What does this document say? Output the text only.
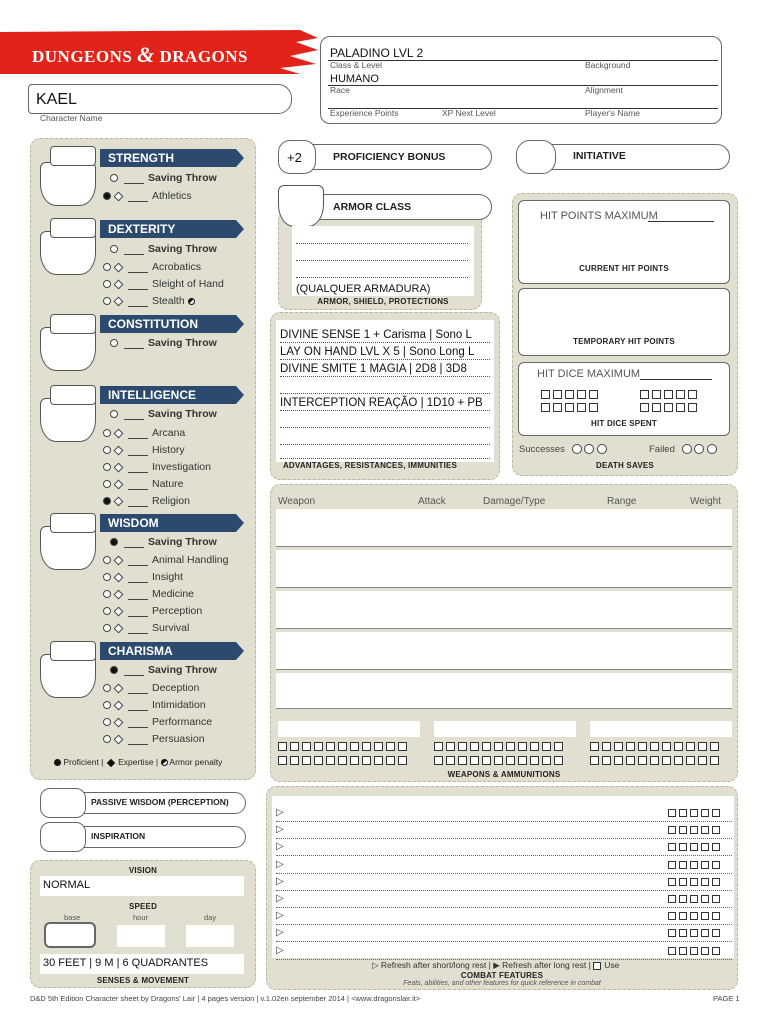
DUNGEONS & DRAGONS	PALADINO LVL 2
Class & Level	Background
HUMANO
Race	Alignment
Experience Points	XP Next Level	Player's Name
KAEL
Character Name
STRENGTH
Saving Throw
Athletics
DEXTERITY
Saving Throw
Acrobatics
Sleight of Hand
Stealth
CONSTITUTION
Saving Throw
INTELLIGENCE
Saving Throw
Arcana
History
Investigation
Nature
Religion
WISDOM
Saving Throw
Animal Handling
Insight
Medicine
Perception
Survival
CHARISMA
Saving Throw
Deception
Intimidation
Performance
Persuasion
Proficient |  Expertise |  Armor penalty
+2	PROFICIENCY BONUS	INITIATIVE
ARMOR CLASS
(QUALQUER ARMADURA)
ARMOR, SHIELD, PROTECTIONS
DIVINE SENSE 1 + Carisma | Sono L
LAY ON HAND LVL X 5 | Sono Long L
DIVINE SMITE 1 MAGIA | 2D8 | 3D8
INTERCEPTION REAÇÃO | 1D10 + PB
ADVANTAGES, RESISTANCES, IMMUNITIES
HIT POINTS MAXIMUM
CURRENT HIT POINTS
TEMPORARY HIT POINTS
HIT DICE MAXIMUM

HIT DICE SPENT
Successes	Failed
DEATH SAVES
Weapon	Attack	Damage/Type	Range	Weight

WEAPONS & AMMUNITIONS
PASSIVE WISDOM (PERCEPTION)
INSPIRATION
VISION
NORMAL
SPEED
base	hour	day
30 FEET | 9 M | 6 QUADRANTES
SENSES & MOVEMENT
▷
▷
▷
▷
▷
▷
▷
▷
▷
▷ Refresh after short/long rest | ▶ Refresh after long rest | Use
COMBAT FEATURES
Feats, abilities, and other features for quick reference in combat
D&D 5th Edition Character sheet by Dragons' Lair | 4 pages version | v.1.02en september 2014 | <www.dragonslair.it>	PAGE 1
